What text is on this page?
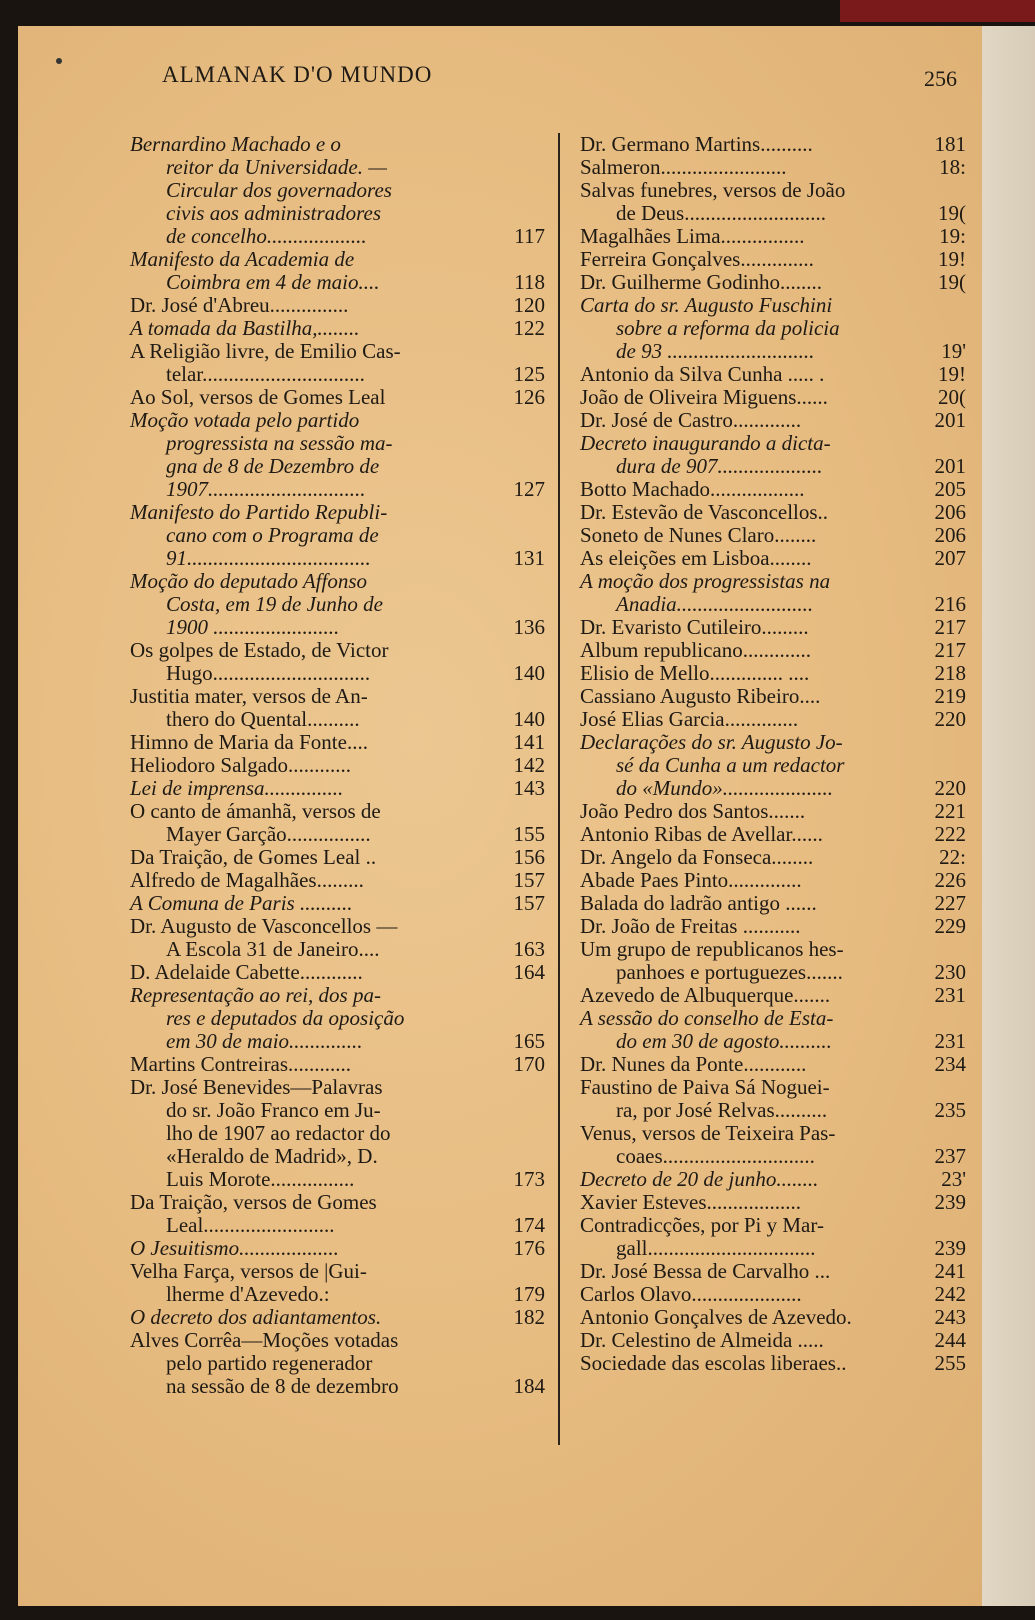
ALMANAK D'O MUNDO	256
Bernardino Machado e o
reitor da Universidade. —
Circular dos governadores
civis aos administradores
de concelho...................	117
Manifesto da Academia de
Coimbra em 4 de maio....	118
Dr. José d'Abreu...............	120
A tomada da Bastilha,........	122
A Religião livre, de Emilio Cas-
telar...............................	125
Ao Sol, versos de Gomes Leal	126
Moção votada pelo partido
progressista na sessão ma-
gna de 8 de Dezembro de
1907..............................	127
Manifesto do Partido Republi-
cano com o Programa de
91...................................	131
Moção do deputado Affonso
Costa, em 19 de Junho de
1900 ........................	136
Os golpes de Estado, de Victor
Hugo..............................	140
Justitia mater, versos de An-
thero do Quental..........	140
Himno de Maria da Fonte....	141
Heliodoro Salgado............	142
Lei de imprensa...............	143
O canto de ámanhã, versos de
Mayer Garção................	155
Da Traição, de Gomes Leal ..	156
Alfredo de Magalhães.........	157
A Comuna de Paris ..........	157
Dr. Augusto de Vasconcellos —
A Escola 31 de Janeiro....	163
D. Adelaide Cabette............	164
Representação ao rei, dos pa-
res e deputados da oposição
em 30 de maio..............	165
Martins Contreiras............	170
Dr. José Benevides—Palavras
do sr. João Franco em Ju-
lho de 1907 ao redactor do
«Heraldo de Madrid», D.
Luis Morote................	173
Da Traição, versos de Gomes
Leal.........................	174
O Jesuitismo...................	176
Velha Farça, versos de |Gui-
lherme d'Azevedo.:	179
O decreto dos adiantamentos.	182
Alves Corrêa—Moções votadas
pelo partido regenerador
na sessão de 8 de dezembro	184
Dr. Germano Martins..........	181
Salmeron........................	18:
Salvas funebres, versos de João
de Deus...........................	19(
Magalhães Lima................	19:
Ferreira Gonçalves..............	19!
Dr. Guilherme Godinho........	19(
Carta do sr. Augusto Fuschini
sobre a reforma da policia
de 93 ............................	19'
Antonio da Silva Cunha ..... .	19!
João de Oliveira Miguens......	20(
Dr. José de Castro.............	201
Decreto inaugurando a dicta-
dura de 907....................	201
Botto Machado..................	205
Dr. Estevão de Vasconcellos..	206
Soneto de Nunes Claro........	206
As eleições em Lisboa........	207
A moção dos progressistas na
Anadia..........................	216
Dr. Evaristo Cutileiro.........	217
Album republicano.............	217
Elisio de Mello.............. ....	218
Cassiano Augusto Ribeiro....	219
José Elias Garcia..............	220
Declarações do sr. Augusto Jo-
sé da Cunha a um redactor
do «Mundo».....................	220
João Pedro dos Santos.......	221
Antonio Ribas de Avellar......	222
Dr. Angelo da Fonseca........	22:
Abade Paes Pinto..............	226
Balada do ladrão antigo ......	227
Dr. João de Freitas ...........	229
Um grupo de republicanos hes-
panhoes e portuguezes.......	230
Azevedo de Albuquerque.......	231
A sessão do conselho de Esta-
do em 30 de agosto..........	231
Dr. Nunes da Ponte............	234
Faustino de Paiva Sá Noguei-
ra, por José Relvas..........	235
Venus, versos de Teixeira Pas-
coaes.............................	237
Decreto de 20 de junho........	23'
Xavier Esteves..................	239
Contradicções, por Pi y Mar-
gall................................	239
Dr. José Bessa de Carvalho ...	241
Carlos Olavo.....................	242
Antonio Gonçalves de Azevedo.	243
Dr. Celestino de Almeida .....	244
Sociedade das escolas liberaes..	255
